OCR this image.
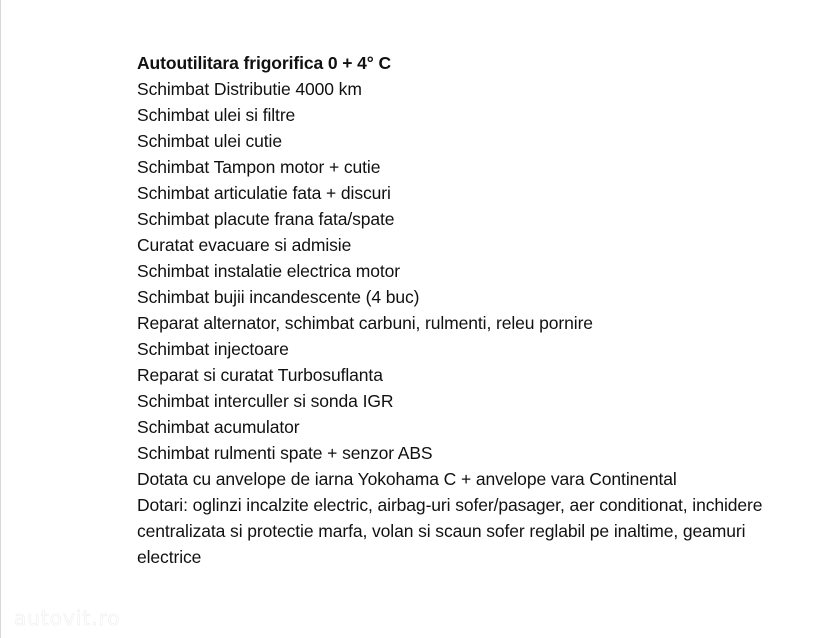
Autoutilitara frigorifica 0 + 4° C
Schimbat Distributie 4000 km
Schimbat ulei si filtre
Schimbat ulei cutie
Schimbat Tampon motor + cutie
Schimbat articulatie fata + discuri
Schimbat placute frana fata/spate
Curatat evacuare si admisie
Schimbat instalatie electrica motor
Schimbat bujii incandescente (4 buc)
Reparat alternator, schimbat carbuni, rulmenti, releu pornire
Schimbat injectoare
Reparat si curatat Turbosuflanta
Schimbat interculler si sonda IGR
Schimbat acumulator
Schimbat rulmenti spate + senzor ABS
Dotata cu anvelope de iarna Yokohama C + anvelope vara Continental
Dotari: oglinzi incalzite electric, airbag-uri sofer/pasager, aer conditionat, inchidere centralizata si protectie marfa, volan si scaun sofer reglabil pe inaltime, geamuri electrice
autovit.ro
